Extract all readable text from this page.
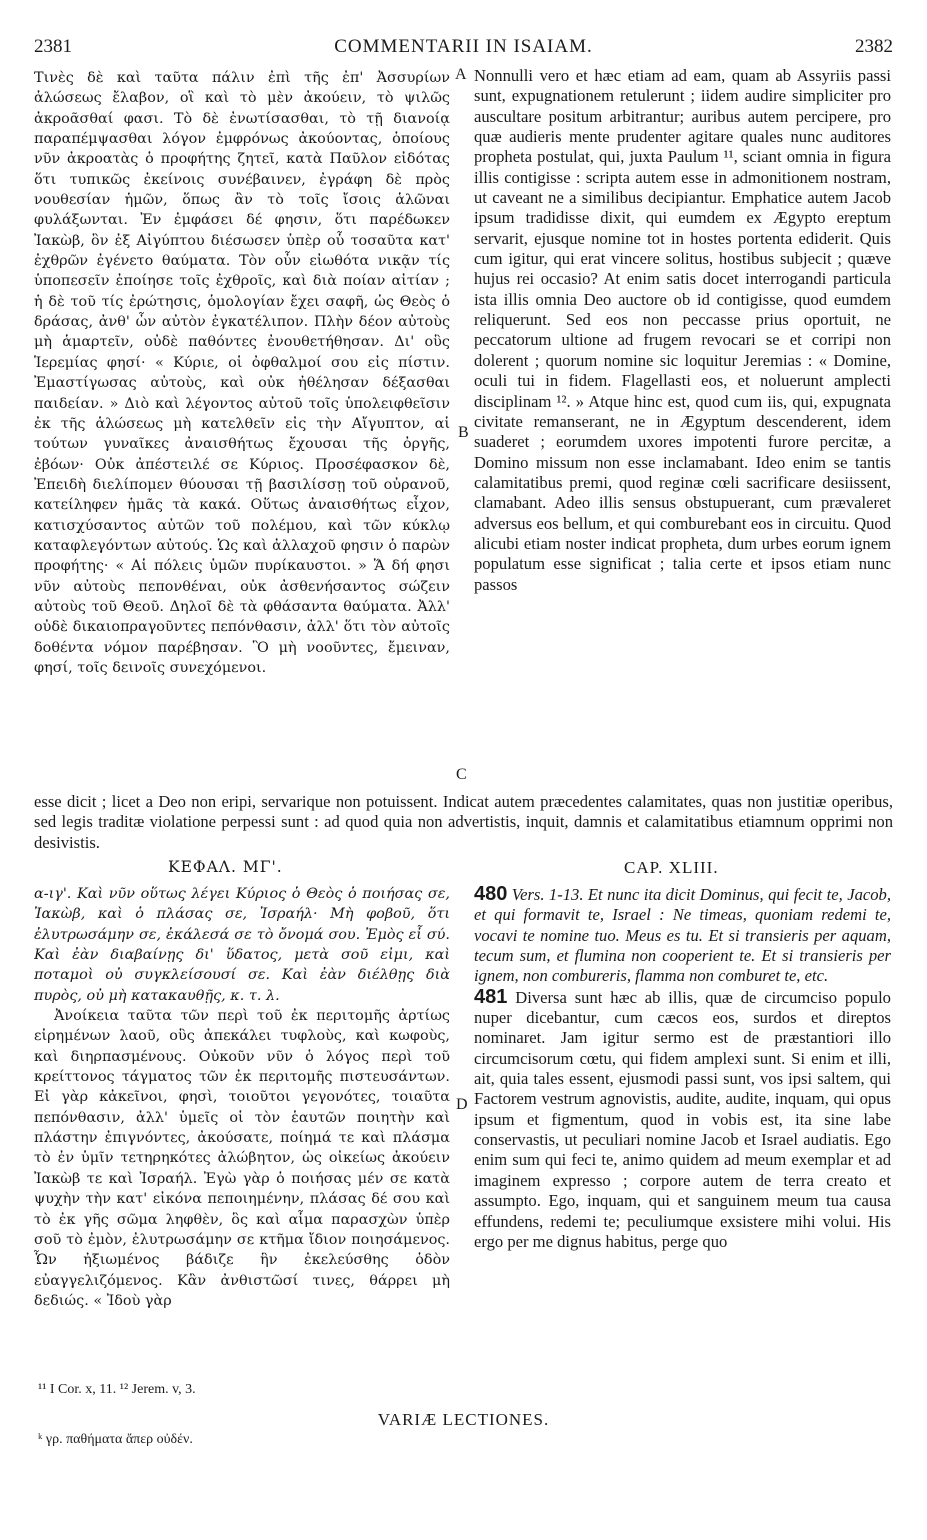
2381	COMMENTARII IN ISAIAM.	2382

Τινὲς δὲ καὶ ταῦτα πάλιν ἐπὶ τῆς ἐπ' Ἀσσυρίων ἁλώσεως ἔλαβον, οἳ καὶ τὸ μὲν ἀκούειν, τὸ ψιλῶς ἀκροᾶσθαί φασι. Τὸ δὲ ἐνωτίσασθαι, τὸ τῇ διανοίᾳ παραπέμψασθαι λόγον ἐμφρόνως ἀκούοντας, ὁποίους νῦν ἀκροατὰς ὁ προφήτης ζητεῖ, κατὰ Παῦλον εἰδότας ὅτι τυπικῶς ἐκείνοις συνέβαινεν, ἐγράφη δὲ πρὸς νουθεσίαν ἡμῶν, ὅπως ἂν τὸ τοῖς ἴσοις ἁλῶναι φυλάξωνται. Ἐν ἐμφάσει δέ φησιν, ὅτι παρέδωκεν Ἰακὼβ, ὃν ἐξ Αἰγύπτου διέσωσεν ὑπὲρ οὗ τοσαῦτα κατ' ἐχθρῶν ἐγένετο θαύματα. Τὸν οὖν εἰωθότα νικᾷν τίς ὑποπεσεῖν ἐποίησε τοῖς ἐχθροῖς, καὶ διὰ ποίαν αἰτίαν ; ἡ δὲ τοῦ τίς ἐρώτησις, ὁμολογίαν ἔχει σαφῆ, ὡς Θεὸς ὁ δράσας, ἀνθ' ὧν αὐτὸν ἐγκατέλιπον. Πλὴν δέον αὐτοὺς μὴ ἁμαρτεῖν, οὐδὲ παθόντες ἐνουθετήθησαν. Δι' οὓς Ἱερεμίας φησί· « Κύριε, οἱ ὀφθαλμοί σου εἰς πίστιν. Ἐμαστίγωσας αὐτοὺς, καὶ οὐκ ἠθέλησαν δέξασθαι παιδείαν. » Διὸ καὶ λέγοντος αὐτοῦ τοῖς ὑπολειφθεῖσιν ἐκ τῆς ἁλώσεως μὴ κατελθεῖν εἰς τὴν Αἴγυπτον, αἱ τούτων γυναῖκες ἀναισθήτως ἔχουσαι τῆς ὀργῆς, ἐβόων· Οὐκ ἀπέστειλέ σε Κύριος. Προσέφασκον δὲ, Ἐπειδὴ διελίπομεν θύουσαι τῇ βασιλίσσῃ τοῦ οὐρανοῦ, κατείληφεν ἡμᾶς τὰ κακά. Οὕτως ἀναισθήτως εἶχον, κατισχύσαντος αὐτῶν τοῦ πολέμου, καὶ τῶν κύκλῳ καταφλεγόντων αὐτούς. Ὡς καὶ ἀλλαχοῦ φησιν ὁ παρὼν προφήτης· « Αἱ πόλεις ὑμῶν πυρίκαυστοι. » Ἅ δή φησι νῦν αὐτοὺς πεπονθέναι, οὐκ ἀσθενήσαντος σώζειν αὐτοὺς τοῦ Θεοῦ. Δηλοῖ δὲ τὰ φθάσαντα θαύματα. Ἀλλ' οὐδὲ δικαιοπραγοῦντες πεπόνθασιν, ἀλλ' ὅτι τὸν αὐτοῖς δοθέντα νόμον παρέβησαν. Ὃ μὴ νοοῦντες, ἔμειναν, φησί, τοῖς δεινοῖς συνεχόμενοι.

Nonnulli vero et hæc etiam ad eam, quam ab Assyriis passi sunt, expugnationem retulerunt ; iidem audire simpliciter pro auscultare positum arbitrantur; auribus autem percipere, pro quæ audieris mente prudenter agitare quales nunc auditores propheta postulat, qui, juxta Paulum ¹¹, sciant omnia in figura illis contigisse : scripta autem esse in admonitionem nostram, ut caveant ne a similibus decipiantur. Emphatice autem Jacob ipsum tradidisse dixit, qui eumdem ex Ægypto ereptum servarit, ejusque nomine tot in hostes portenta ediderit. Quis cum igitur, qui erat vincere solitus, hostibus subjecit ; quæve hujus rei occasio? At enim satis docet interrogandi particula ista illis omnia Deo auctore ob id contigisse, quod eumdem reliquerunt. Sed eos non peccasse prius oportuit, ne peccatorum ultione ad frugem revocari se et corripi non dolerent ; quorum nomine sic loquitur Jeremias : « Domine, oculi tui in fidem. Flagellasti eos, et noluerunt amplecti disciplinam ¹². » Atque hinc est, quod cum iis, qui, expugnata civitate remanserant, ne in Ægyptum descenderent, idem suaderet ; eorumdem uxores impotenti furore percitæ, a Domino missum non esse inclamabant. Ideo enim se tantis calamitatibus premi, quod reginæ cœli sacrificare desiissent, clamabant. Adeo illis sensus obstupuerant, cum prævaleret adversus eos bellum, et qui comburebant eos in circuitu. Quod alicubi etiam noster indicat propheta, dum urbes eorum ignem populatum esse significat ; talia certe et ipsos etiam nunc passos

A
B
C
D
esse dicit ; licet a Deo non eripi, servarique non potuissent. Indicat autem præcedentes calamitates, quas non justitiæ operibus, sed legis traditæ violatione perpessi sunt : ad quod quia non advertistis, inquit, damnis et calamitatibus etiamnum opprimi non desivistis.
ΚΕΦΑΛ. ΜΓ'.	CAP. XLIII.

α-ιγ'. Καὶ νῦν οὕτως λέγει Κύριος ὁ Θεὸς ὁ ποιήσας σε, Ἰακὼβ, καὶ ὁ πλάσας σε, Ἰσραήλ· Μὴ φοβοῦ, ὅτι ἐλυτρωσάμην σε, ἐκάλεσά σε τὸ ὄνομά σου. Ἐμὸς εἶ σύ. Καὶ ἐὰν διαβαίνῃς δι' ὕδατος, μετὰ σοῦ εἰμι, καὶ ποταμοὶ οὐ συγκλείσουσί σε. Καὶ ἐὰν διέλθῃς διὰ πυρὸς, οὐ μὴ κατακαυθῇς, κ. τ. λ.

Ἀνοίκεια ταῦτα τῶν περὶ τοῦ ἐκ περιτομῆς ἀρτίως εἰρημένων λαοῦ, οὓς ἀπεκάλει τυφλοὺς, καὶ κωφοὺς, καὶ διηρπασμένους. Οὐκοῦν νῦν ὁ λόγος περὶ τοῦ κρείττονος τάγματος τῶν ἐκ περιτομῆς πιστευσάντων. Εἰ γὰρ κἀκεῖνοι, φησὶ, τοιοῦτοι γεγονότες, τοιαῦτα πεπόνθασιν, ἀλλ' ὑμεῖς οἱ τὸν ἑαυτῶν ποιητὴν καὶ πλάστην ἐπιγνόντες, ἀκούσατε, ποίημά τε καὶ πλάσμα τὸ ἐν ὑμῖν τετηρηκότες ἀλώβητον, ὡς οἰκείως ἀκούειν Ἰακὼβ τε καὶ Ἰσραήλ. Ἐγὼ γὰρ ὁ ποιήσας μέν σε κατὰ ψυχὴν τὴν κατ' εἰκόνα πεποιημένην, πλάσας δέ σου καὶ τὸ ἐκ γῆς σῶμα ληφθὲν, ὃς καὶ αἷμα παρασχὼν ὑπὲρ σοῦ τὸ ἐμὸν, ἐλυτρωσάμην σε κτῆμα ἴδιον ποιησάμενος. Ὧν ἠξιωμένος βάδιζε ἣν ἐκελεύσθης ὁδὸν εὐαγγελιζόμενος. Κἂν ἀνθιστῶσί τινες, θάρρει μὴ δεδιώς. « Ἰδοὺ γὰρ

480 Vers. 1-13. Et nunc ita dicit Dominus, qui fecit te, Jacob, et qui formavit te, Israel : Ne timeas, quoniam redemi te, vocavi te nomine tuo. Meus es tu. Et si transieris per aquam, tecum sum, et flumina non cooperient te. Et si transieris per ignem, non combureris, flamma non comburet te, etc.

481 Diversa sunt hæc ab illis, quæ de circumciso populo nuper dicebantur, cum cæcos eos, surdos et direptos nominaret. Jam igitur sermo est de præstantiori illo circumcisorum cœtu, qui fidem amplexi sunt. Si enim et illi, ait, quia tales essent, ejusmodi passi sunt, vos ipsi saltem, qui Factorem vestrum agnovistis, audite, audite, inquam, qui opus ipsum et figmentum, quod in vobis est, ita sine labe conservastis, ut peculiari nomine Jacob et Israel audiatis. Ego enim sum qui feci te, animo quidem ad meum exemplar et ad imaginem expresso ; corpore autem de terra creato et assumpto. Ego, inquam, qui et sanguinem meum tua causa effundens, redemi te; peculiumque exsistere mihi volui. His ergo per me dignus habitus, perge quo

¹¹ I Cor. x, 11. ¹² Jerem. v, 3.
VARIÆ LECTIONES.
ᵏ γρ. παθήματα ἄπερ οὐδέν.
